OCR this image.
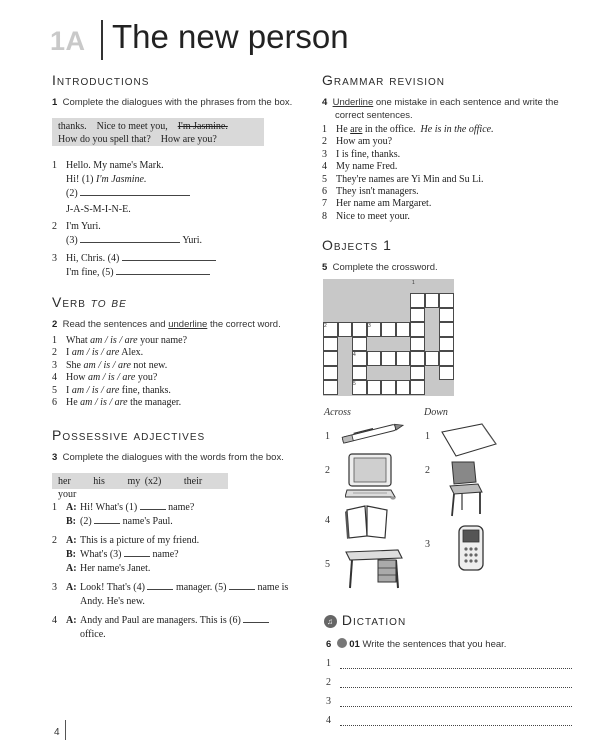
1A The new person
Introductions
1 Complete the dialogues with the phrases from the box.
thanks. Nice to meet you, I'm Jasmine.
How do you spell that? How are you?
1 Hello. My name's Mark.
Hi! (1) I'm Jasmine.
(2)
J-A-S-M-I-N-E.
2 I'm Yuri.
(3)	Yuri.
3 Hi, Chris. (4)
I'm fine, (5)
Verb to be
2 Read the sentences and underline the correct word.
1 What am / is / are your name?
2 I am / is / are Alex.
3 She am / is / are not new.
4 How am / is / are you?
5 I am / is / are fine, thanks.
6 He am / is / are the manager.
Possessive adjectives
3 Complete the dialogues with the words from the box.
her his my (x2) their     your
1 A: Hi! What's (1)	name?
B: (2)	name's Paul.
2 A: This is a picture of my friend.
B: What's (3)	name?
A: Her name's Janet.
3 A: Look! That's (4)	manager. (5)	name is
Andy. He's new.
4 A: Andy and Paul are managers. This is (6)
office.
Grammar revision
4 Underline one mistake in each sentence and write the
correct sentences.
1 He are in the office. He is in the office.
2 How am you?
3 I is fine, thanks.
4 My name Fred.
5 They're names are Yi Min and Su Li.
6 They isn't managers.
7 Her name am Margaret.
8 Nice to meet your.
Objects 1
5 Complete the crossword.
1
2	3
4
5
Across	Down
1
2
4
5
1
2
3
♫ Dictation
6 01 Write the sentences that you hear.
1
2
3
4
4
